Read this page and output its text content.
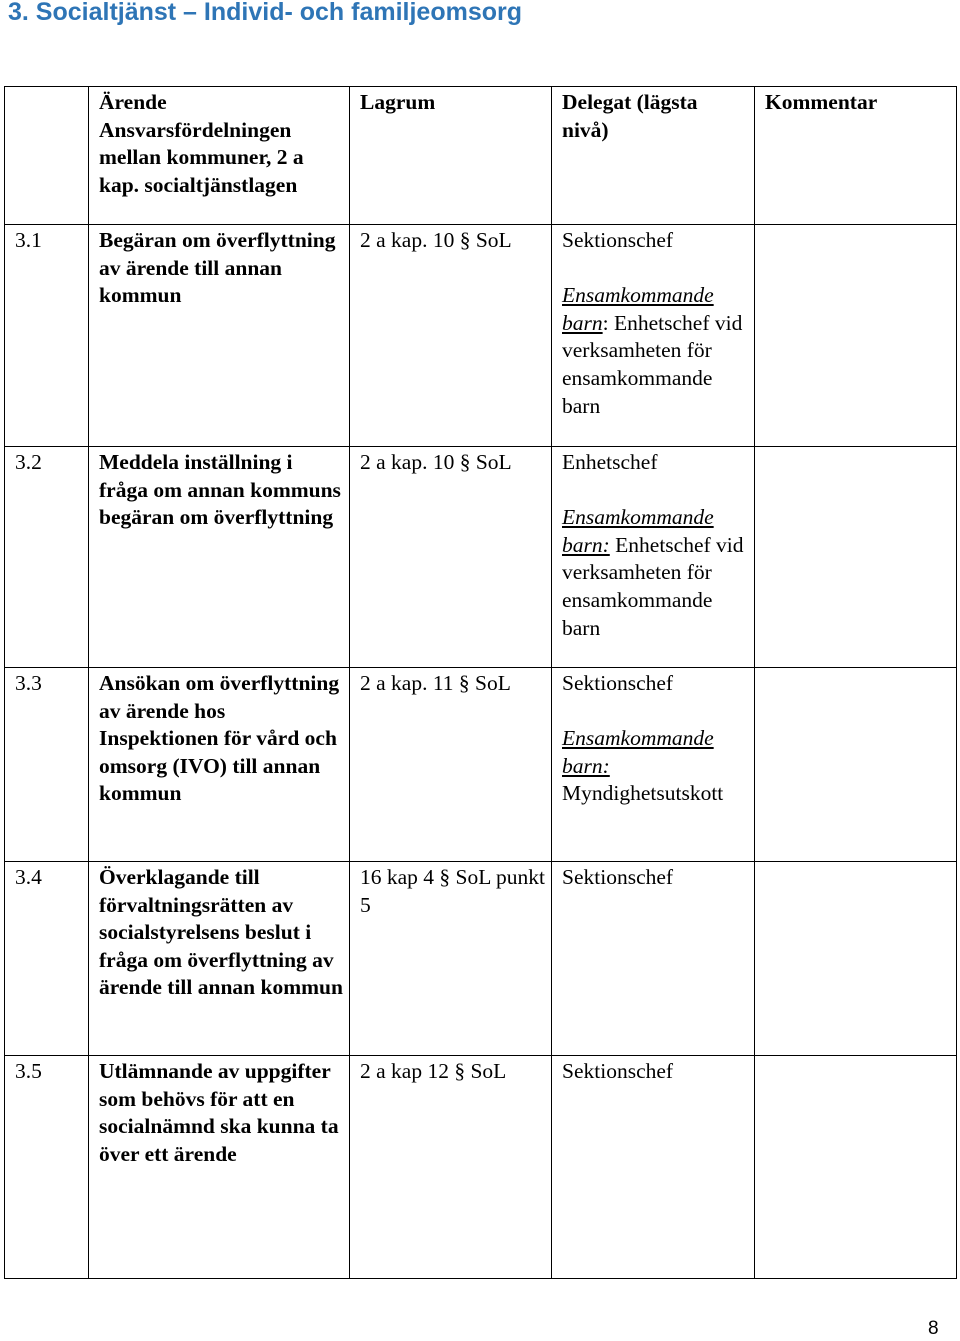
3. Socialtjänst – Individ- och familjeomsorg

	Ärende Ansvarsfördelningen mellan kommuner, 2 a kap. socialtjänstlagen	Lagrum	Delegat (lägsta nivå)	Kommentar

3.1	Begäran om överflyttning av ärende till annan kommun	2 a kap. 10 § SoL	Sektionschef
Ensamkommande barn: Enhetschef vid verksamheten för ensamkommande barn	

3.2	Meddela inställning i fråga om annan kommuns begäran om överflyttning	2 a kap. 10 § SoL	Enhetschef
Ensamkommande barn: Enhetschef vid verksamheten för ensamkommande barn	

3.3	Ansökan om överflyttning av ärende hos Inspektionen för vård och omsorg (IVO) till annan kommun	2 a kap. 11 § SoL	Sektionschef
Ensamkommande barn: Myndighetsutskott	

3.4	Överklagande till förvaltningsrätten av socialstyrelsens beslut i fråga om överflyttning av ärende till annan kommun	16 kap 4 § SoL punkt 5	Sektionschef	

3.5	Utlämnande av uppgifter som behövs för att en socialnämnd ska kunna ta över ett ärende	2 a kap 12 § SoL	Sektionschef	

8
